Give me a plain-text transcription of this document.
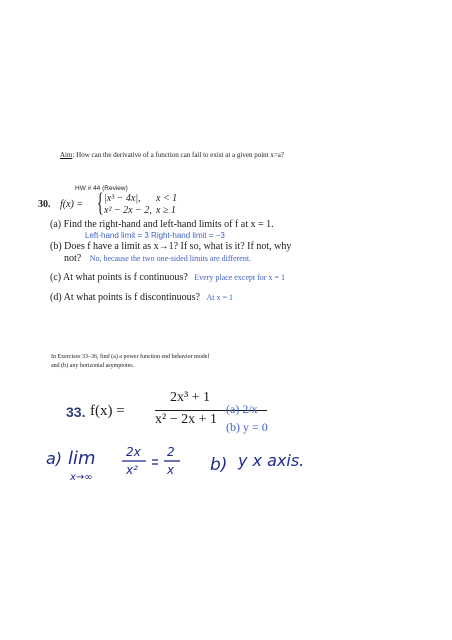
Aim: How can the derivative of a function can fail to exist at a given point x=a?
HW # 44 (Review)
30. f(x) = { |x³ − 4x|, x < 1
x² − 2x − 2, x ≥ 1
(a) Find the right-hand and left-hand limits of f at x = 1.
Left-hand limit = 3 Right-hand limit = −3
(b) Does f have a limit as x→1? If so, what is it? If not, why
not? No, because the two one-sided limits are different.
(c) At what points is f continuous? Every place except for x = 1
(d) At what points is f discontinuous? At x = 1
In Exercises 33–36, find (a) a power function end behavior model
and (b) any horizontal asymptotes.
33. f(x) =
2x³ + 1
x² − 2x + 1
(a) 2/x
(b) y = 0
a) lim
x→∞
2x
x²
2
x b) y x axis.
